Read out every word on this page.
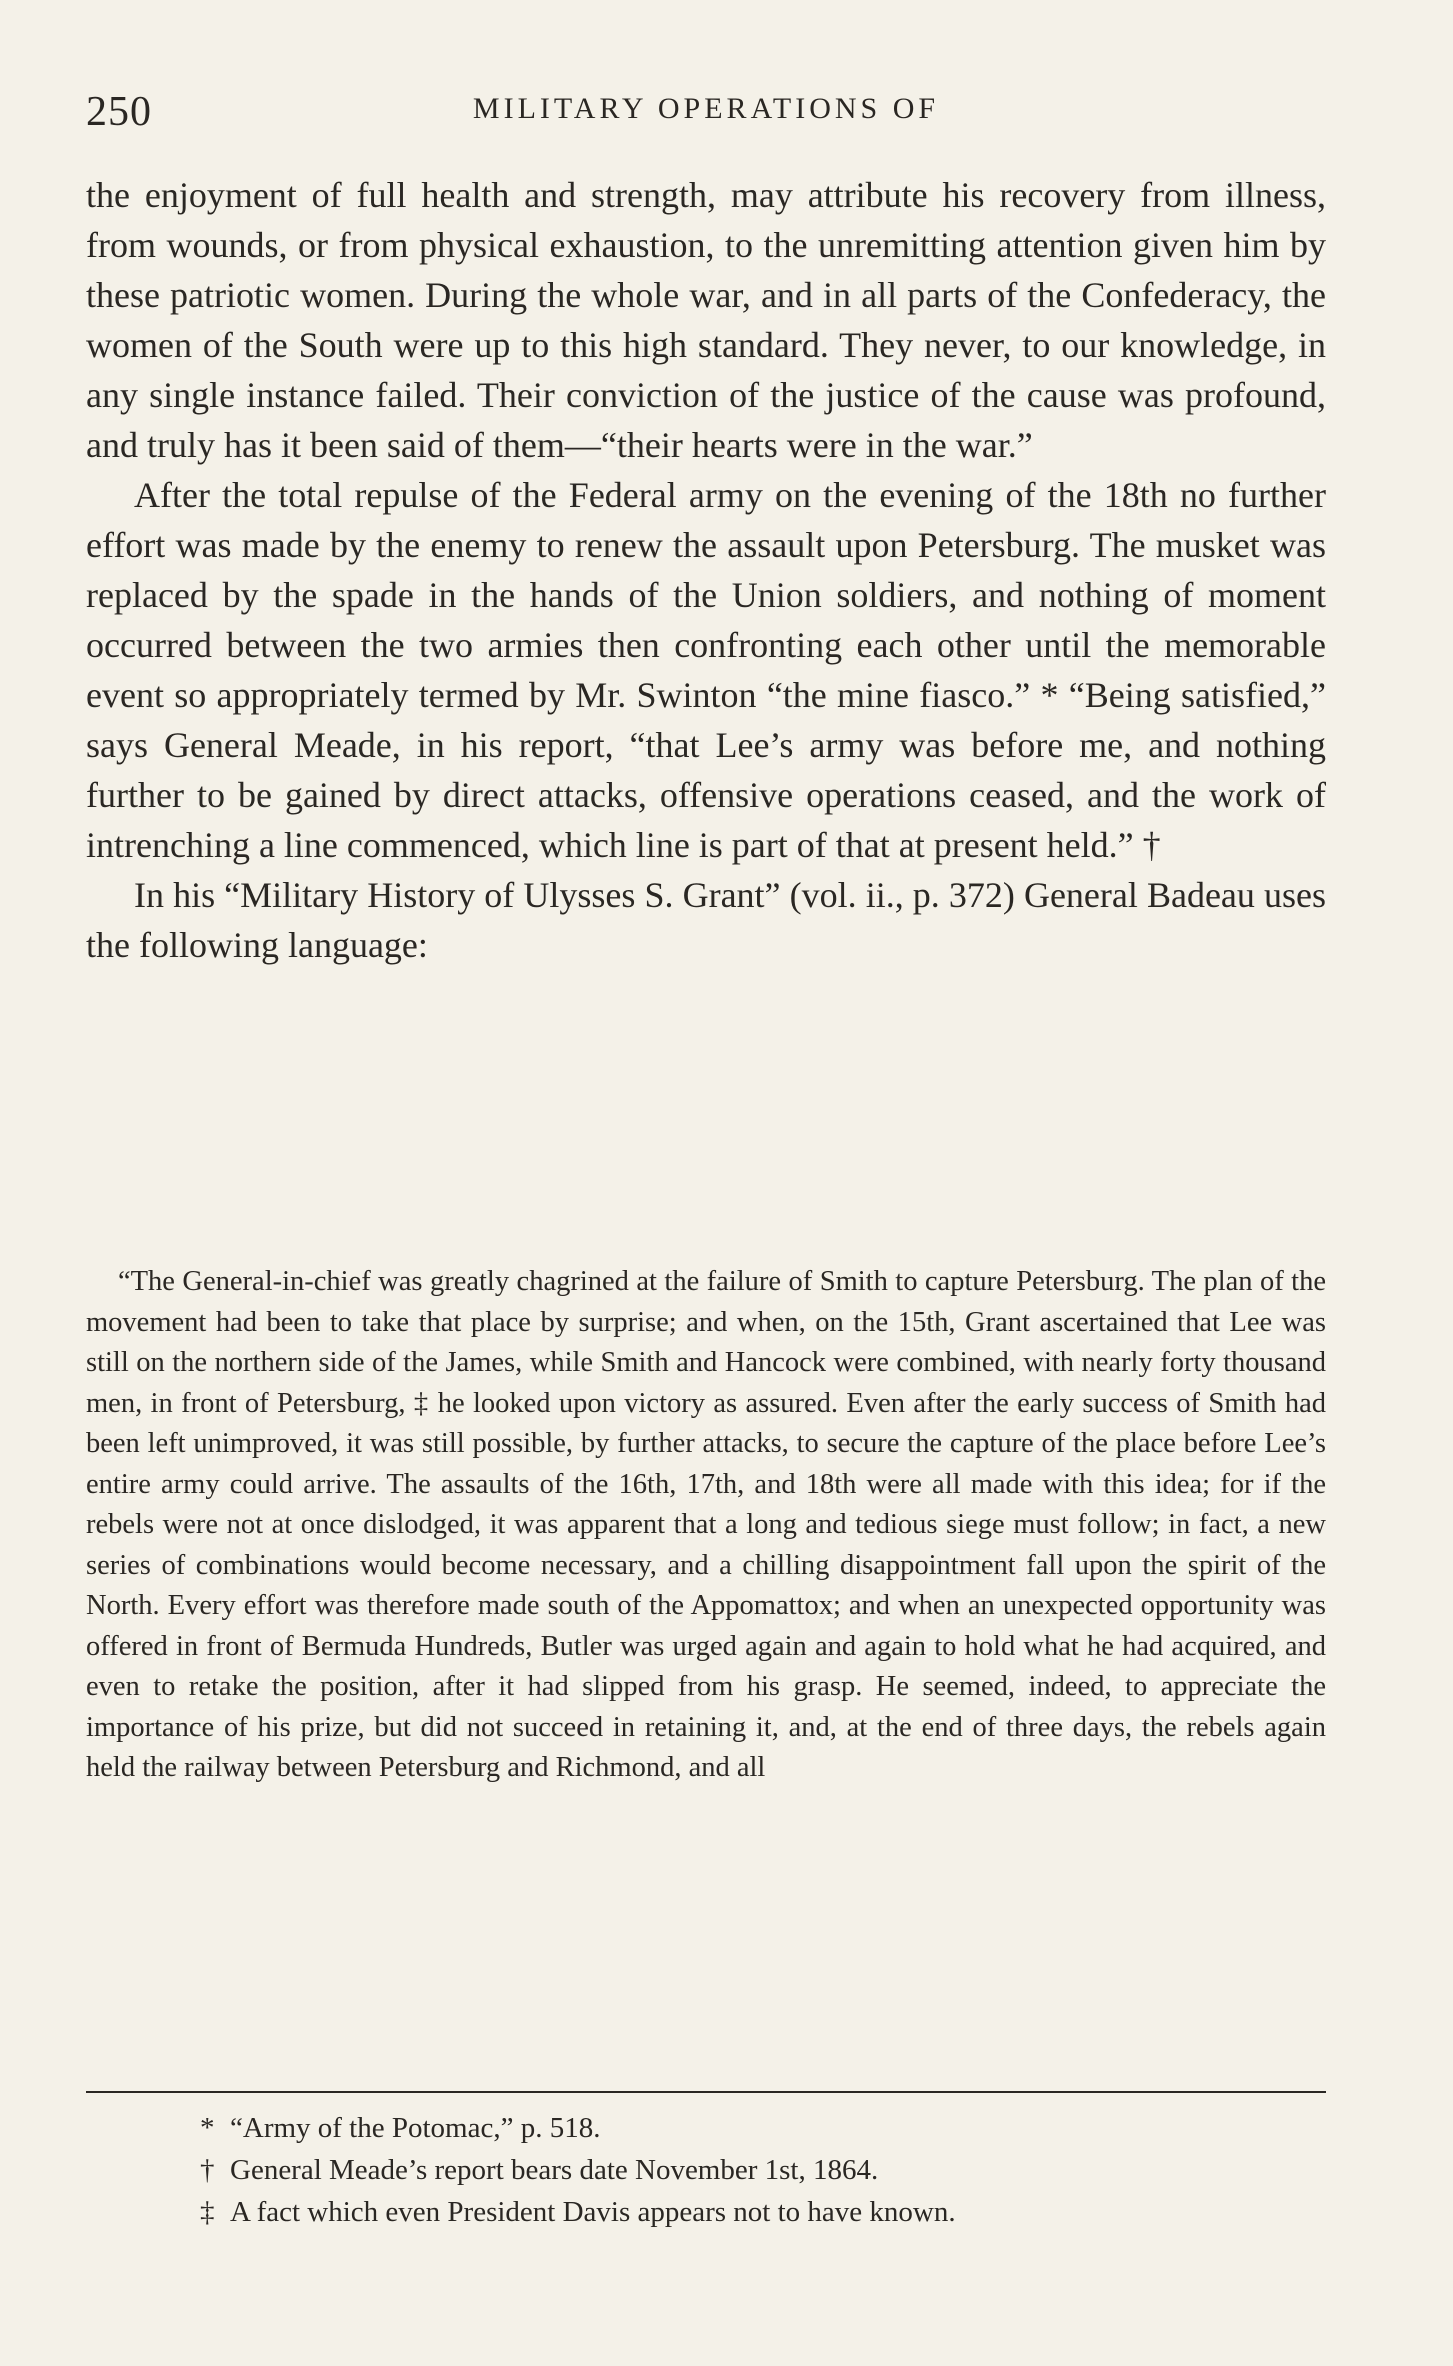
250	MILITARY OPERATIONS OF

the enjoyment of full health and strength, may attribute his recovery from illness, from wounds, or from physical exhaustion, to the unremitting attention given him by these patriotic women. During the whole war, and in all parts of the Confederacy, the women of the South were up to this high standard. They never, to our knowledge, in any single instance failed. Their conviction of the justice of the cause was profound, and truly has it been said of them—“their hearts were in the war.”

After the total repulse of the Federal army on the evening of the 18th no further effort was made by the enemy to renew the assault upon Petersburg. The musket was replaced by the spade in the hands of the Union soldiers, and nothing of moment occurred between the two armies then confronting each other until the memorable event so appropriately termed by Mr. Swinton “the mine fiasco.” * “Being satisfied,” says General Meade, in his report, “that Lee’s army was before me, and nothing further to be gained by direct attacks, offensive operations ceased, and the work of intrenching a line commenced, which line is part of that at present held.” †

In his “Military History of Ulysses S. Grant” (vol. ii., p. 372) General Badeau uses the following language:

“The General-in-chief was greatly chagrined at the failure of Smith to capture Petersburg. The plan of the movement had been to take that place by surprise; and when, on the 15th, Grant ascertained that Lee was still on the northern side of the James, while Smith and Hancock were combined, with nearly forty thousand men, in front of Petersburg, ‡ he looked upon victory as assured. Even after the early success of Smith had been left unimproved, it was still possible, by further attacks, to secure the capture of the place before Lee’s entire army could arrive. The assaults of the 16th, 17th, and 18th were all made with this idea; for if the rebels were not at once dislodged, it was apparent that a long and tedious siege must follow; in fact, a new series of combinations would become necessary, and a chilling disappointment fall upon the spirit of the North. Every effort was therefore made south of the Appomattox; and when an unexpected opportunity was offered in front of Bermuda Hundreds, Butler was urged again and again to hold what he had acquired, and even to retake the position, after it had slipped from his grasp. He seemed, indeed, to appreciate the importance of his prize, but did not succeed in retaining it, and, at the end of three days, the rebels again held the railway between Petersburg and Richmond, and all
* “Army of the Potomac,” p. 518.
† General Meade’s report bears date November 1st, 1864.
‡ A fact which even President Davis appears not to have known.
